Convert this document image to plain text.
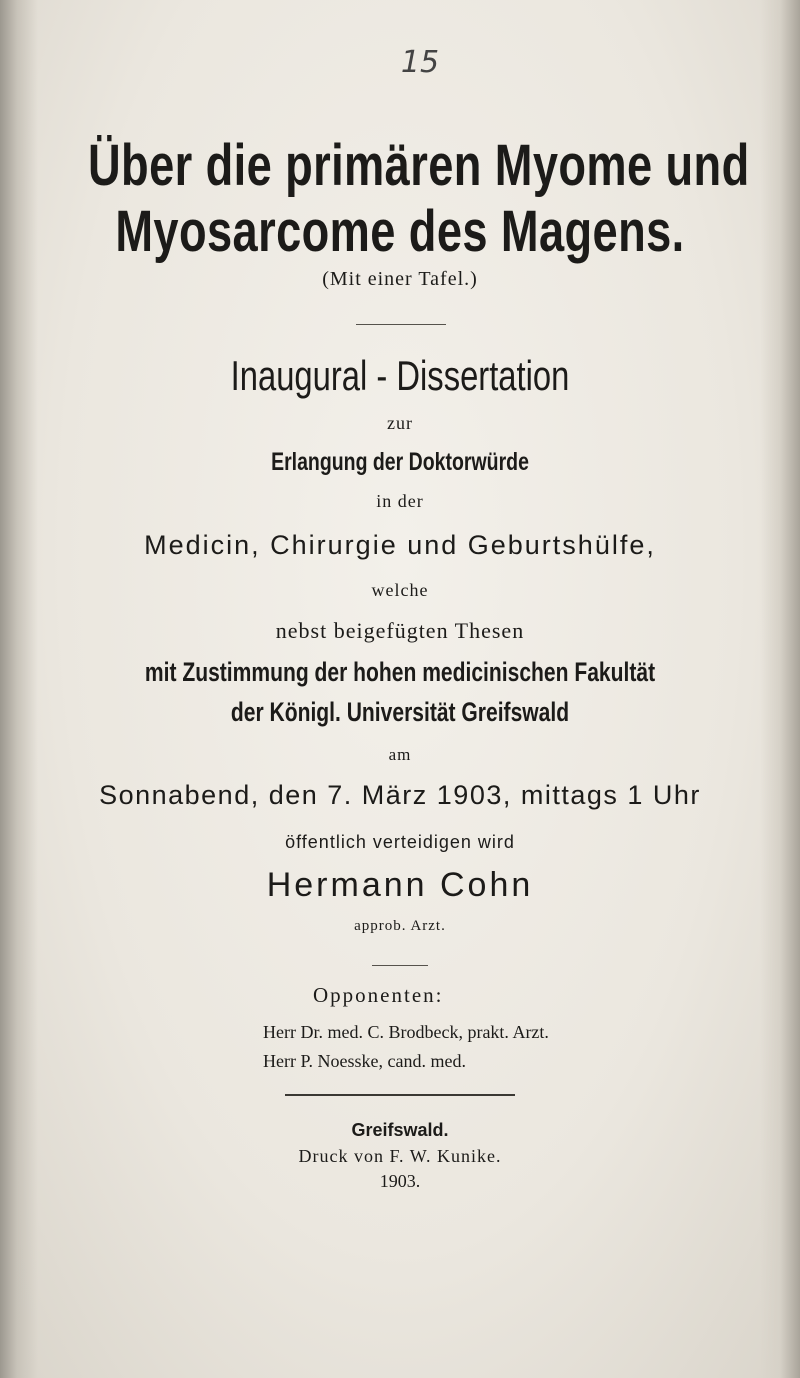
15
Über die primären Myome und
Myosarcome des Magens.
(Mit einer Tafel.)
Inaugural - Dissertation
zur
Erlangung der Doktorwürde
in der
Medicin, Chirurgie und Geburtshülfe,
welche
nebst beigefügten Thesen
mit Zustimmung der hohen medicinischen Fakultät
der Königl. Universität Greifswald
am
Sonnabend, den 7. März 1903, mittags 1 Uhr
öffentlich verteidigen wird
Hermann Cohn
approb. Arzt.
Opponenten:
Herr Dr. med. C. Brodbeck, prakt. Arzt.
Herr P. Noesske, cand. med.
Greifswald.
Druck von F. W. Kunike.
1903.
